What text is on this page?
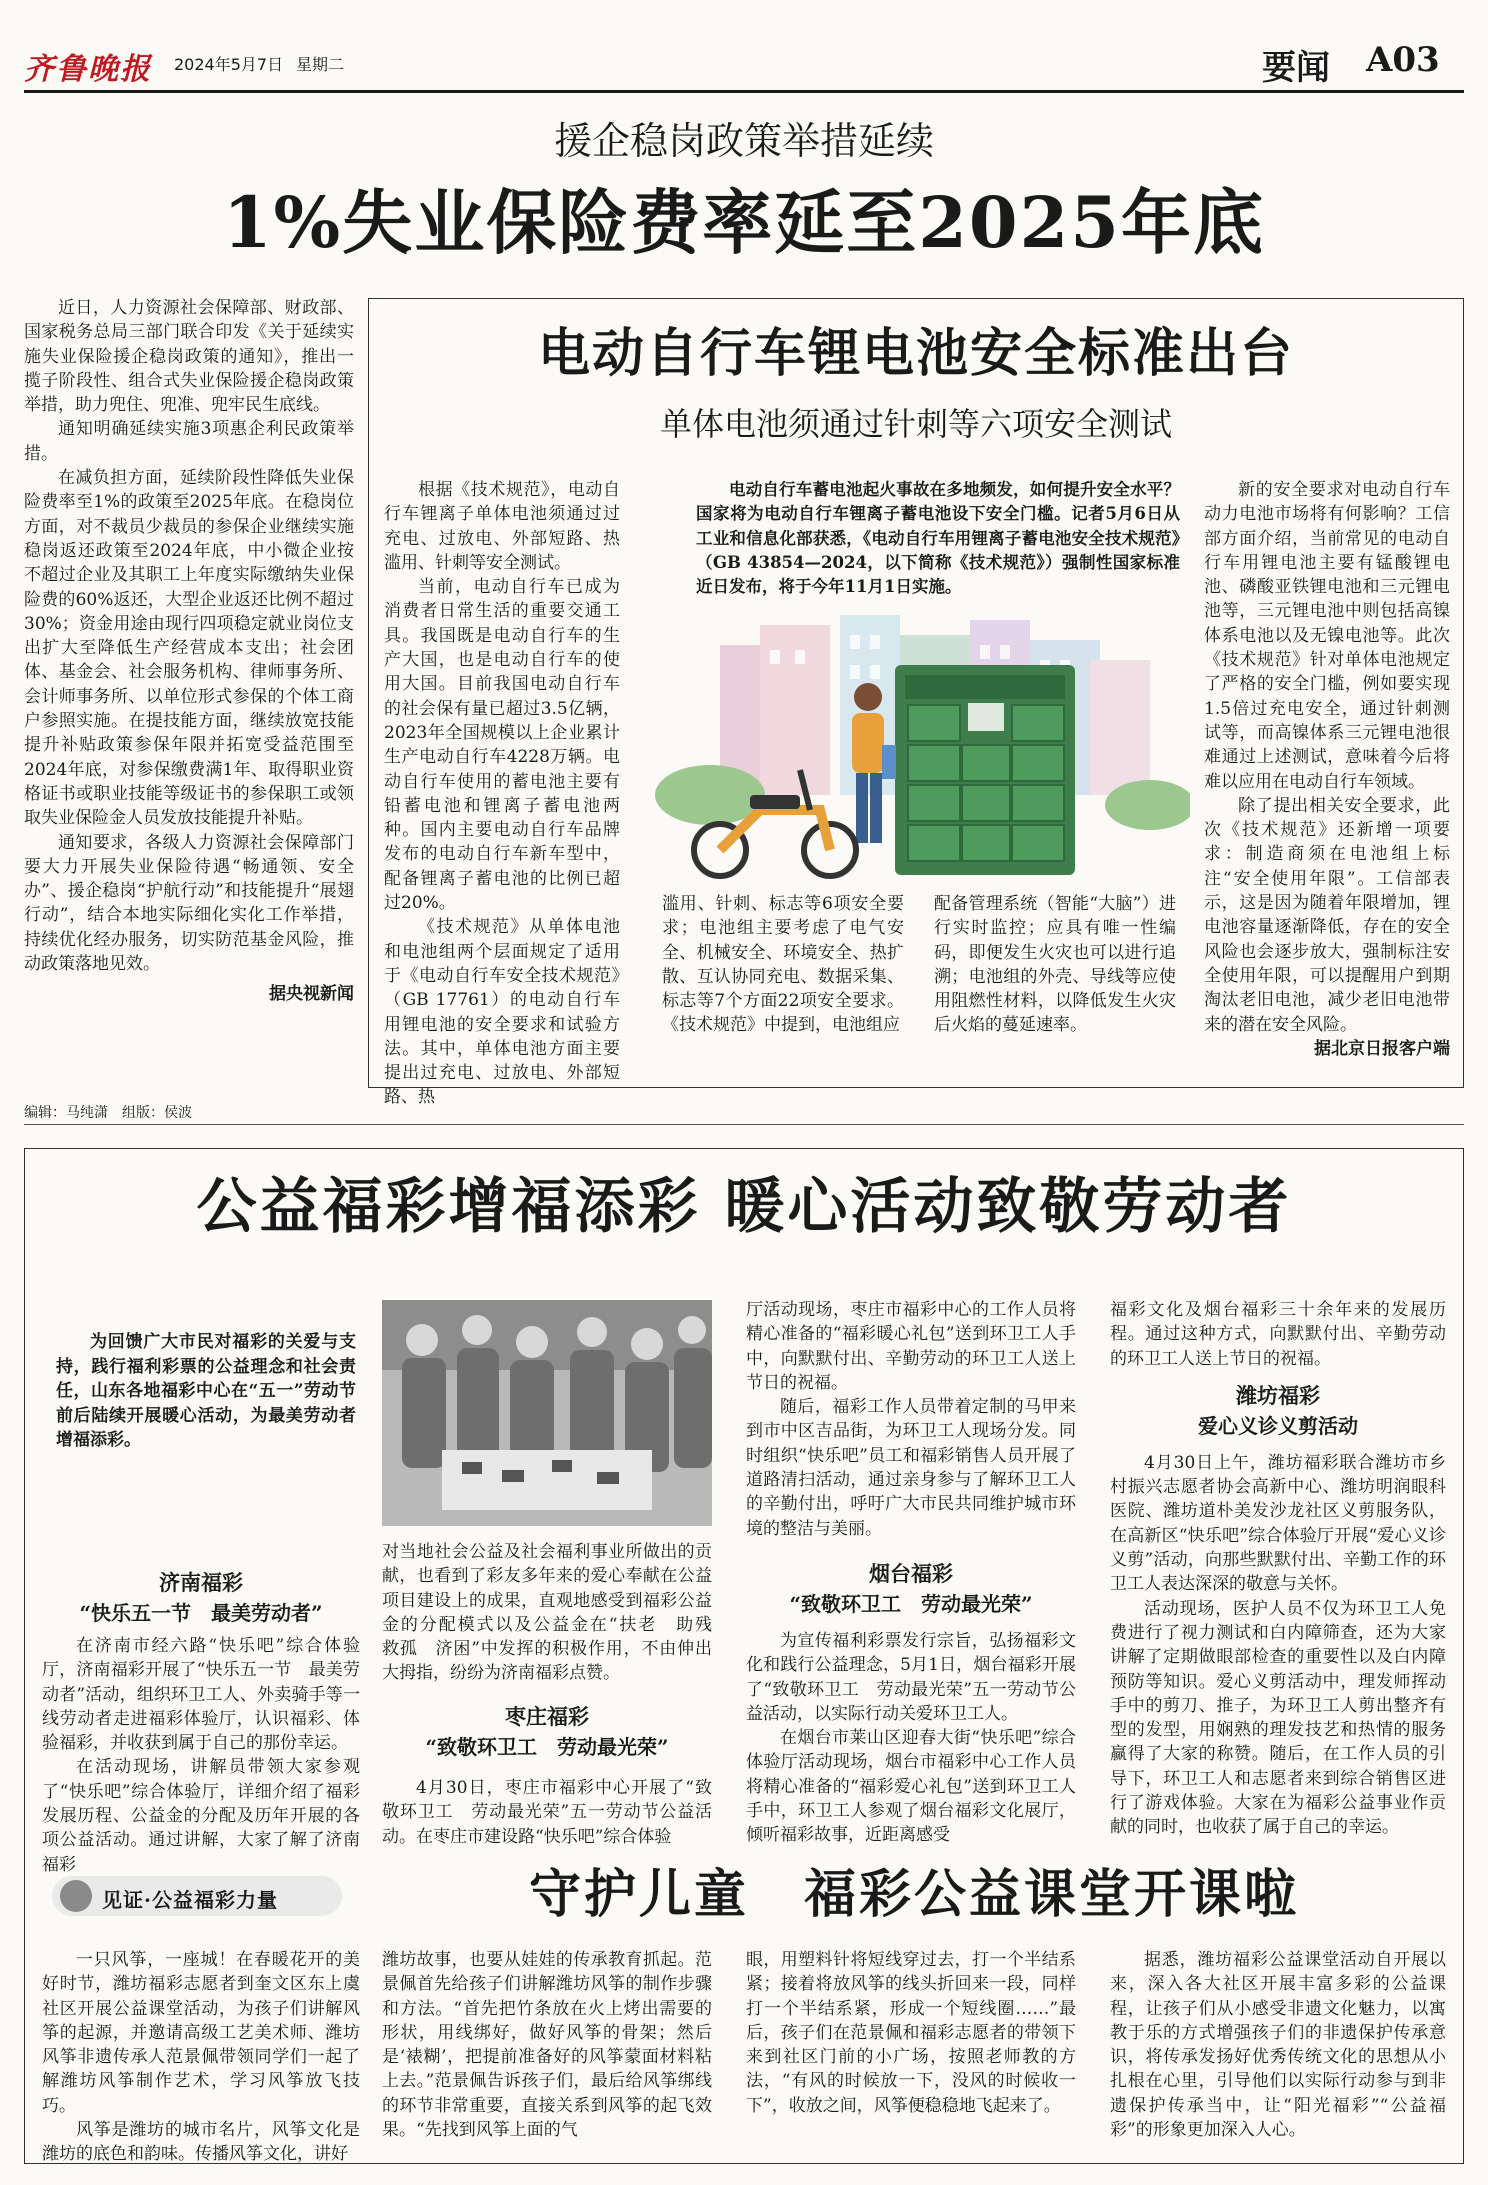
齐鲁晚报 2024年5月7日 星期二	要闻 A03
援企稳岗政策举措延续
1%失业保险费率延至2025年底

近日，人力资源社会保障部、财政部、国家税务总局三部门联合印发《关于延续实施失业保险援企稳岗政策的通知》，推出一揽子阶段性、组合式失业保险援企稳岗政策举措，助力兜住、兜准、兜牢民生底线。

通知明确延续实施3项惠企利民政策举措。

在减负担方面，延续阶段性降低失业保险费率至1%的政策至2025年底。在稳岗位方面，对不裁员少裁员的参保企业继续实施稳岗返还政策至2024年底，中小微企业按不超过企业及其职工上年度实际缴纳失业保险费的60%返还，大型企业返还比例不超过30%；资金用途由现行四项稳定就业岗位支出扩大至降低生产经营成本支出；社会团体、基金会、社会服务机构、律师事务所、会计师事务所、以单位形式参保的个体工商户参照实施。在提技能方面，继续放宽技能提升补贴政策参保年限并拓宽受益范围至2024年底，对参保缴费满1年、取得职业资格证书或职业技能等级证书的参保职工或领取失业保险金人员发放技能提升补贴。

通知要求，各级人力资源社会保障部门要大力开展失业保险待遇“畅通领、安全办”、援企稳岗“护航行动”和技能提升“展翅行动”，结合本地实际细化实化工作举措，持续优化经办服务，切实防范基金风险，推动政策落地见效。

据央视新闻

电动自行车锂电池安全标准出台
单体电池须通过针刺等六项安全测试

根据《技术规范》，电动自行车锂离子单体电池须通过过充电、过放电、外部短路、热滥用、针刺等安全测试。

当前，电动自行车已成为消费者日常生活的重要交通工具。我国既是电动自行车的生产大国，也是电动自行车的使用大国。目前我国电动自行车的社会保有量已超过3.5亿辆，2023年全国规模以上企业累计生产电动自行车4228万辆。电动自行车使用的蓄电池主要有铅蓄电池和锂离子蓄电池两种。国内主要电动自行车品牌发布的电动自行车新车型中，配备锂离子蓄电池的比例已超过20%。

《技术规范》从单体电池和电池组两个层面规定了适用于《电动自行车安全技术规范》（GB 17761）的电动自行车用锂电池的安全要求和试验方法。其中，单体电池方面主要提出过充电、过放电、外部短路、热

电动自行车蓄电池起火事故在多地频发，如何提升安全水平？国家将为电动自行车锂离子蓄电池设下安全门槛。记者5月6日从工业和信息化部获悉，《电动自行车用锂离子蓄电池安全技术规范》（GB 43854—2024，以下简称《技术规范》）强制性国家标准近日发布，将于今年11月1日实施。

滥用、针刺、标志等6项安全要求；电池组主要考虑了电气安全、机械安全、环境安全、热扩散、互认协同充电、数据采集、标志等7个方面22项安全要求。《技术规范》中提到，电池组应

配备管理系统（智能“大脑”）进行实时监控；应具有唯一性编码，即便发生火灾也可以进行追溯；电池组的外壳、导线等应使用阻燃性材料，以降低发生火灾后火焰的蔓延速率。

新的安全要求对电动自行车动力电池市场将有何影响？工信部方面介绍，当前常见的电动自行车用锂电池主要有锰酸锂电池、磷酸亚铁锂电池和三元锂电池等，三元锂电池中则包括高镍体系电池以及无镍电池等。此次《技术规范》针对单体电池规定了严格的安全门槛，例如要实现1.5倍过充电安全，通过针刺测试等，而高镍体系三元锂电池很难通过上述测试，意味着今后将难以应用在电动自行车领域。

除了提出相关安全要求，此次《技术规范》还新增一项要求：制造商须在电池组上标注“安全使用年限”。工信部表示，这是因为随着年限增加，锂电池容量逐渐降低，存在的安全风险也会逐步放大，强制标注安全使用年限，可以提醒用户到期淘汰老旧电池，减少老旧电池带来的潜在安全风险。

据北京日报客户端

编辑：马纯潇　组版：侯波
公益福彩增福添彩 暖心活动致敬劳动者

为回馈广大市民对福彩的关爱与支持，践行福利彩票的公益理念和社会责任，山东各地福彩中心在“五一”劳动节前后陆续开展暖心活动，为最美劳动者增福添彩。

济南福彩

“快乐五一节　最美劳动者”

在济南市经六路“快乐吧”综合体验厅，济南福彩开展了“快乐五一节　最美劳动者”活动，组织环卫工人、外卖骑手等一线劳动者走进福彩体验厅，认识福彩、体验福彩，并收获到属于自己的那份幸运。

在活动现场，讲解员带领大家参观了“快乐吧”综合体验厅，详细介绍了福彩发展历程、公益金的分配及历年开展的各项公益活动。通过讲解，大家了解了济南福彩

对当地社会公益及社会福利事业所做出的贡献，也看到了彩友多年来的爱心奉献在公益项目建设上的成果，直观地感受到福彩公益金的分配模式以及公益金在“扶老　助残　救孤　济困”中发挥的积极作用，不由伸出大拇指，纷纷为济南福彩点赞。

枣庄福彩

“致敬环卫工　劳动最光荣”

4月30日，枣庄市福彩中心开展了“致敬环卫工　劳动最光荣”五一劳动节公益活动。在枣庄市建设路“快乐吧”综合体验

厅活动现场，枣庄市福彩中心的工作人员将精心准备的“福彩暖心礼包”送到环卫工人手中，向默默付出、辛勤劳动的环卫工人送上节日的祝福。

随后，福彩工作人员带着定制的马甲来到市中区吉品街，为环卫工人现场分发。同时组织“快乐吧”员工和福彩销售人员开展了道路清扫活动，通过亲身参与了解环卫工人的辛勤付出，呼吁广大市民共同维护城市环境的整洁与美丽。

烟台福彩

“致敬环卫工　劳动最光荣”

为宣传福利彩票发行宗旨，弘扬福彩文化和践行公益理念，5月1日，烟台福彩开展了“致敬环卫工　劳动最光荣”五一劳动节公益活动，以实际行动关爱环卫工人。

在烟台市莱山区迎春大街“快乐吧”综合体验厅活动现场，烟台市福彩中心工作人员将精心准备的“福彩爱心礼包”送到环卫工人手中，环卫工人参观了烟台福彩文化展厅，倾听福彩故事，近距离感受

福彩文化及烟台福彩三十余年来的发展历程。通过这种方式，向默默付出、辛勤劳动的环卫工人送上节日的祝福。

潍坊福彩

爱心义诊义剪活动

4月30日上午，潍坊福彩联合潍坊市乡村振兴志愿者协会高新中心、潍坊明润眼科医院、潍坊道朴美发沙龙社区义剪服务队，在高新区“快乐吧”综合体验厅开展“爱心义诊义剪”活动，向那些默默付出、辛勤工作的环卫工人表达深深的敬意与关怀。

活动现场，医护人员不仅为环卫工人免费进行了视力测试和白内障筛查，还为大家讲解了定期做眼部检查的重要性以及白内障预防等知识。爱心义剪活动中，理发师挥动手中的剪刀、推子，为环卫工人剪出整齐有型的发型，用娴熟的理发技艺和热情的服务赢得了大家的称赞。随后，在工作人员的引导下，环卫工人和志愿者来到综合销售区进行了游戏体验。大家在为福彩公益事业作贡献的同时，也收获了属于自己的幸运。

见证·公益福彩力量	守护儿童　福彩公益课堂开课啦

一只风筝，一座城！在春暖花开的美好时节，潍坊福彩志愿者到奎文区东上虞社区开展公益课堂活动，为孩子们讲解风筝的起源，并邀请高级工艺美术师、潍坊风筝非遗传承人范景佩带领同学们一起了解潍坊风筝制作艺术，学习风筝放飞技巧。

风筝是潍坊的城市名片，风筝文化是潍坊的底色和韵味。传播风筝文化，讲好

潍坊故事，也要从娃娃的传承教育抓起。范景佩首先给孩子们讲解潍坊风筝的制作步骤和方法。“首先把竹条放在火上烤出需要的形状，用线绑好，做好风筝的骨架；然后是‘裱糊’，把提前准备好的风筝蒙面材料粘上去。”范景佩告诉孩子们，最后给风筝绑线的环节非常重要，直接关系到风筝的起飞效果。“先找到风筝上面的气

眼，用塑料针将短线穿过去，打一个半结系紧；接着将放风筝的线头折回来一段，同样打一个半结系紧，形成一个短线圈……”最后，孩子们在范景佩和福彩志愿者的带领下来到社区门前的小广场，按照老师教的方法，“有风的时候放一下，没风的时候收一下”，收放之间，风筝便稳稳地飞起来了。

据悉，潍坊福彩公益课堂活动自开展以来，深入各大社区开展丰富多彩的公益课程，让孩子们从小感受非遗文化魅力，以寓教于乐的方式增强孩子们的非遗保护传承意识，将传承发扬好优秀传统文化的思想从小扎根在心里，引导他们以实际行动参与到非遗保护传承当中，让“阳光福彩”“公益福彩”的形象更加深入人心。
